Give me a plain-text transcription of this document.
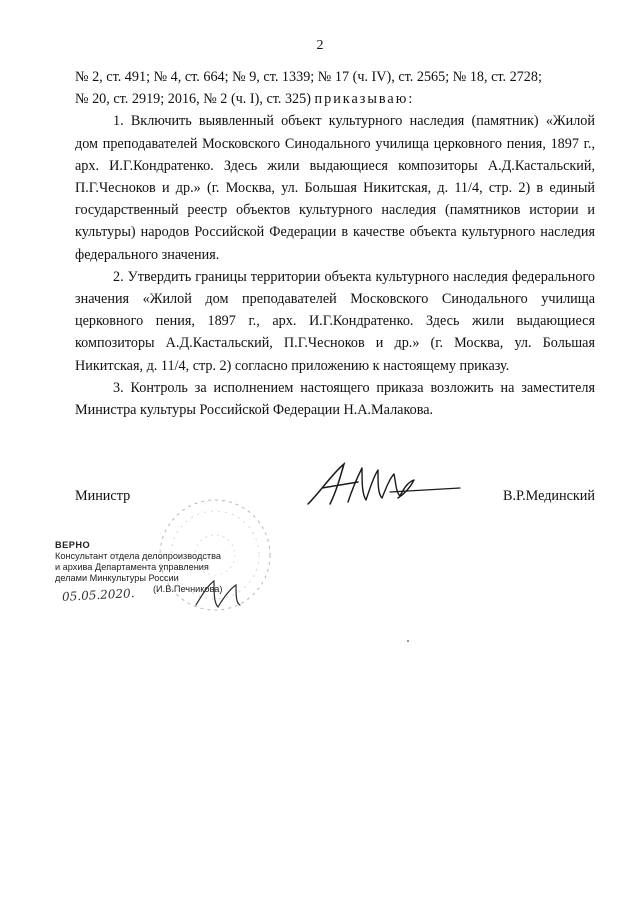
2

№ 2, ст. 491; № 4, ст. 664; № 9, ст. 1339; № 17 (ч. IV), ст. 2565; № 18, ст. 2728;

№ 20, ст. 2919; 2016, № 2 (ч. I), ст. 325) приказываю:

1. Включить выявленный объект культурного наследия (памятник) «Жилой дом преподавателей Московского Синодального училища церковного пения, 1897 г., арх. И.Г.Кондратенко. Здесь жили выдающиеся композиторы А.Д.Кастальский, П.Г.Чесноков и др.» (г. Москва, ул. Большая Никитская, д. 11/4, стр. 2) в единый государственный реестр объектов культурного наследия (памятников истории и культуры) народов Российской Федерации в качестве объекта культурного наследия федерального значения.

2. Утвердить границы территории объекта культурного наследия федерального значения «Жилой дом преподавателей Московского Синодального училища церковного пения, 1897 г., арх. И.Г.Кондратенко. Здесь жили выдающиеся композиторы А.Д.Кастальский, П.Г.Чесноков и др.» (г. Москва, ул. Большая Никитская, д. 11/4, стр. 2) согласно приложению к настоящему приказу.

3. Контроль за исполнением настоящего приказа возложить на заместителя Министра культуры Российской Федерации Н.А.Малакова.

Министр	В.Р.Мединский
ВЕРНО
Консультант отдела делопроизводства
и архива Департамента управления
делами Минкультуры России
(И.В.Печникова)
05.05.2020.
